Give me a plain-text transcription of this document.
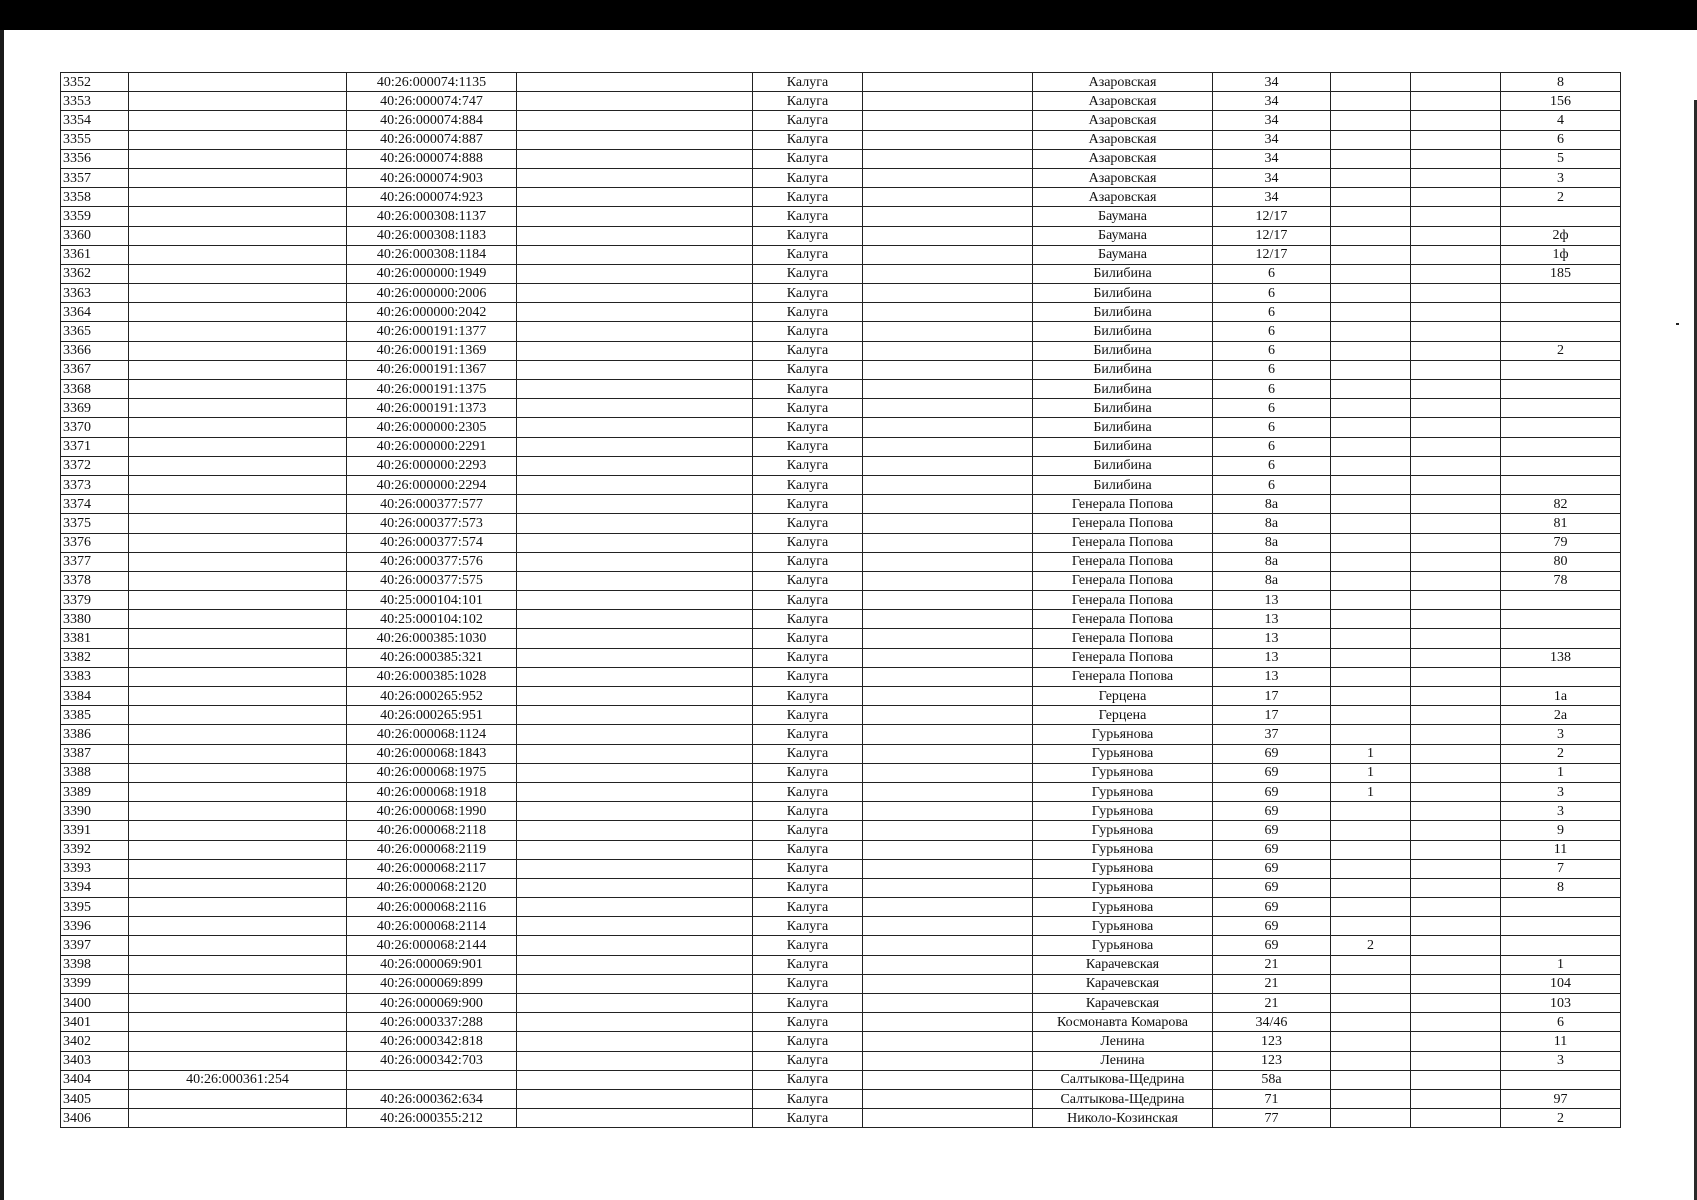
3352		40:26:000074:1135		Калуга		Азаровская	34			8
3353		40:26:000074:747		Калуга		Азаровская	34			156
3354		40:26:000074:884		Калуга		Азаровская	34			4
3355		40:26:000074:887		Калуга		Азаровская	34			6
3356		40:26:000074:888		Калуга		Азаровская	34			5
3357		40:26:000074:903		Калуга		Азаровская	34			3
3358		40:26:000074:923		Калуга		Азаровская	34			2
3359		40:26:000308:1137		Калуга		Баумана	12/17			
3360		40:26:000308:1183		Калуга		Баумана	12/17			2ф
3361		40:26:000308:1184		Калуга		Баумана	12/17			1ф
3362		40:26:000000:1949		Калуга		Билибина	6			185
3363		40:26:000000:2006		Калуга		Билибина	6			
3364		40:26:000000:2042		Калуга		Билибина	6			
3365		40:26:000191:1377		Калуга		Билибина	6			
3366		40:26:000191:1369		Калуга		Билибина	6			2
3367		40:26:000191:1367		Калуга		Билибина	6			
3368		40:26:000191:1375		Калуга		Билибина	6			
3369		40:26:000191:1373		Калуга		Билибина	6			
3370		40:26:000000:2305		Калуга		Билибина	6			
3371		40:26:000000:2291		Калуга		Билибина	6			
3372		40:26:000000:2293		Калуга		Билибина	6			
3373		40:26:000000:2294		Калуга		Билибина	6			
3374		40:26:000377:577		Калуга		Генерала Попова	8а			82
3375		40:26:000377:573		Калуга		Генерала Попова	8а			81
3376		40:26:000377:574		Калуга		Генерала Попова	8а			79
3377		40:26:000377:576		Калуга		Генерала Попова	8а			80
3378		40:26:000377:575		Калуга		Генерала Попова	8а			78
3379		40:25:000104:101		Калуга		Генерала Попова	13			
3380		40:25:000104:102		Калуга		Генерала Попова	13			
3381		40:26:000385:1030		Калуга		Генерала Попова	13			
3382		40:26:000385:321		Калуга		Генерала Попова	13			138
3383		40:26:000385:1028		Калуга		Генерала Попова	13			
3384		40:26:000265:952		Калуга		Герцена	17			1а
3385		40:26:000265:951		Калуга		Герцена	17			2а
3386		40:26:000068:1124		Калуга		Гурьянова	37			3
3387		40:26:000068:1843		Калуга		Гурьянова	69	1		2
3388		40:26:000068:1975		Калуга		Гурьянова	69	1		1
3389		40:26:000068:1918		Калуга		Гурьянова	69	1		3
3390		40:26:000068:1990		Калуга		Гурьянова	69			3
3391		40:26:000068:2118		Калуга		Гурьянова	69			9
3392		40:26:000068:2119		Калуга		Гурьянова	69			11
3393		40:26:000068:2117		Калуга		Гурьянова	69			7
3394		40:26:000068:2120		Калуга		Гурьянова	69			8
3395		40:26:000068:2116		Калуга		Гурьянова	69			
3396		40:26:000068:2114		Калуга		Гурьянова	69			
3397		40:26:000068:2144		Калуга		Гурьянова	69	2		
3398		40:26:000069:901		Калуга		Карачевская	21			1
3399		40:26:000069:899		Калуга		Карачевская	21			104
3400		40:26:000069:900		Калуга		Карачевская	21			103
3401		40:26:000337:288		Калуга		Космонавта Комарова	34/46			6
3402		40:26:000342:818		Калуга		Ленина	123			11
3403		40:26:000342:703		Калуга		Ленина	123			3
3404	40:26:000361:254			Калуга		Салтыкова-Щедрина	58а			
3405		40:26:000362:634		Калуга		Салтыкова-Щедрина	71			97
3406		40:26:000355:212		Калуга		Николо-Козинская	77			2
